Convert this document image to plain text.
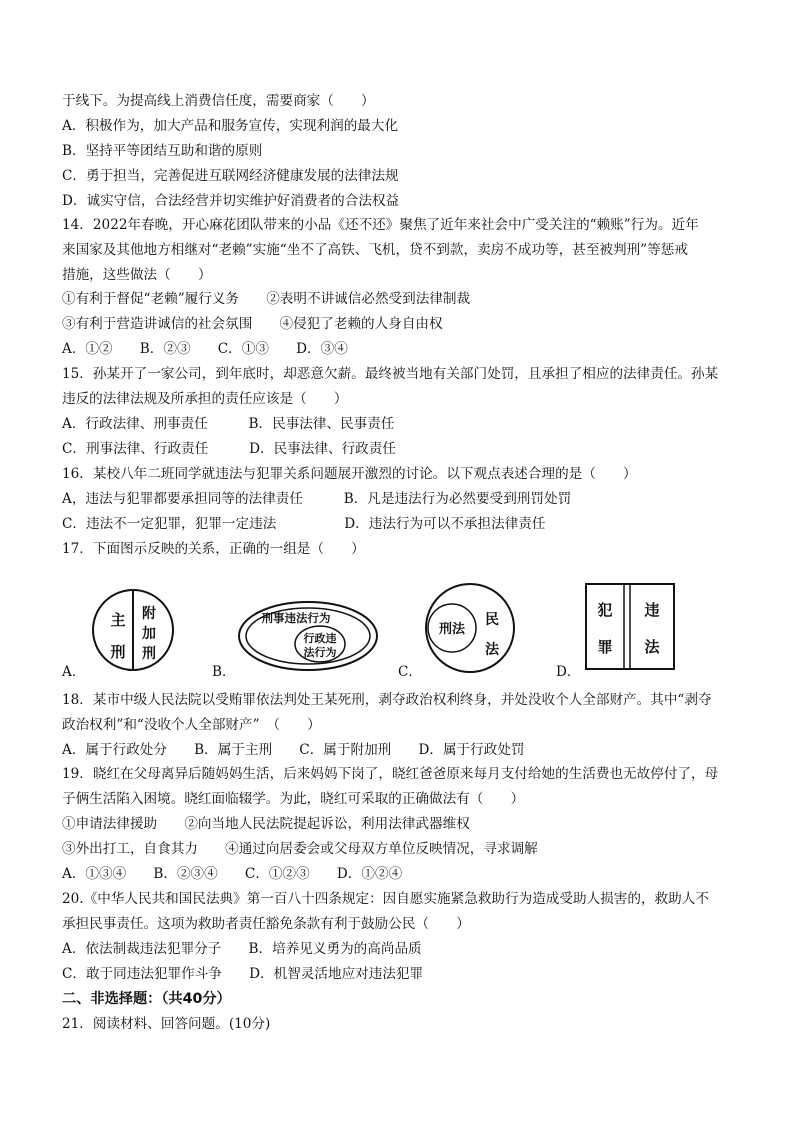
于线下。为提高线上消费信任度，需要商家（　　）
A．积极作为，加大产品和服务宣传，实现利润的最大化
B．坚持平等团结互助和谐的原则
C．勇于担当，完善促进互联网经济健康发展的法律法规
D．诚实守信，合法经营并切实维护好消费者的合法权益
14．2022年春晚，开心麻花团队带来的小品《还不还》聚焦了近年来社会中广受关注的“赖账”行为。近年
来国家及其他地方相继对“老赖”实施“坐不了高铁、飞机，贷不到款，卖房不成功等，甚至被判刑”等惩戒
措施，这些做法（　　）
①有利于督促“老赖”履行义务　　②表明不讲诚信必然受到法律制裁
③有利于营造讲诚信的社会氛围　　④侵犯了老赖的人身自由权
A．①②　　B．②③　　C．①③　　D．③④
15．孙某开了一家公司，到年底时，却恶意欠薪。最终被当地有关部门处罚，且承担了相应的法律责任。孙某
违反的法律法规及所承担的责任应该是（　　）
A．行政法律、刑事责任　　　B．民事法律、民事责任
C．刑事法律、行政责任　　　D．民事法律、行政责任
16．某校八年二班同学就违法与犯罪关系问题展开激烈的讨论。以下观点表述合理的是（　　）
A，违法与犯罪都要承担同等的法律责任　　　B．凡是违法行为必然要受到刑罚处罚
C．违法不一定犯罪，犯罪一定违法　　　　　D．违法行为可以不承担法律责任
17．下面图示反映的关系，正确的一组是（　　）
A．
主
刑
附
加
刑
B．
刑事违法行为
行政违
法行为
C．
刑法
民
法
D．
犯
罪
违
法
18．某市中级人民法院以受贿罪依法判处王某死刑，剥夺政治权利终身，并处没收个人全部财产。其中“剥夺
政治权利”和“没收个人全部财产”　（　　）
A．属于行政处分　　B．属于主刑　　C．属于附加刑　　D．属于行政处罚
19．晓红在父母离异后随妈妈生活，后来妈妈下岗了，晓红爸爸原来每月支付给她的生活费也无故停付了，母
子俩生活陷入困境。晓红面临辍学。为此，晓红可采取的正确做法有（　　）
①申请法律援助　　②向当地人民法院提起诉讼，利用法律武器维权
③外出打工，自食其力　　④通过向居委会或父母双方单位反映情况，寻求调解
A．①③④　　B．②③④　　C．①②③　　D．①②④
20.《中华人民共和国民法典》第一百八十四条规定：因自愿实施紧急救助行为造成受助人损害的，救助人不
承担民事责任。这项为救助者责任豁免条款有利于鼓励公民（　　）
A．依法制裁违法犯罪分子　　B．培养见义勇为的高尚品质
C．敢于同违法犯罪作斗争　　D．机智灵活地应对违法犯罪
二、非选择题：（共40分）
21．阅读材料、回答问题。(10分)
